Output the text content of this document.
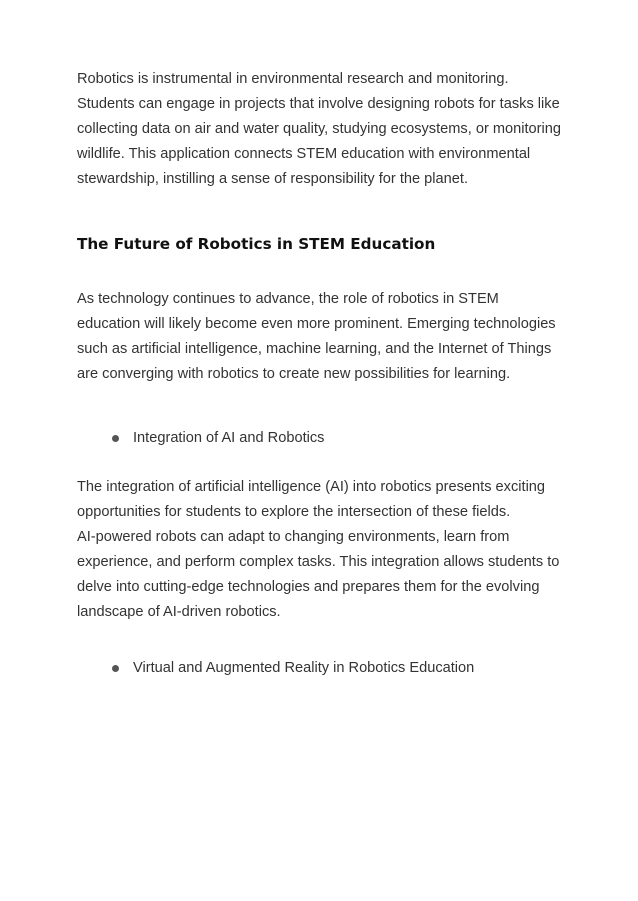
Robotics is instrumental in environmental research and monitoring.
Students can engage in projects that involve designing robots for tasks like
collecting data on air and water quality, studying ecosystems, or monitoring
wildlife. This application connects STEM education with environmental
stewardship, instilling a sense of responsibility for the planet.

The Future of Robotics in STEM Education

As technology continues to advance, the role of robotics in STEM
education will likely become even more prominent. Emerging technologies
such as artificial intelligence, machine learning, and the Internet of Things
are converging with robotics to create new possibilities for learning.

Integration of AI and Robotics

The integration of artificial intelligence (AI) into robotics presents exciting
opportunities for students to explore the intersection of these fields.
AI-powered robots can adapt to changing environments, learn from
experience, and perform complex tasks. This integration allows students to
delve into cutting-edge technologies and prepares them for the evolving
landscape of AI-driven robotics.

Virtual and Augmented Reality in Robotics Education
